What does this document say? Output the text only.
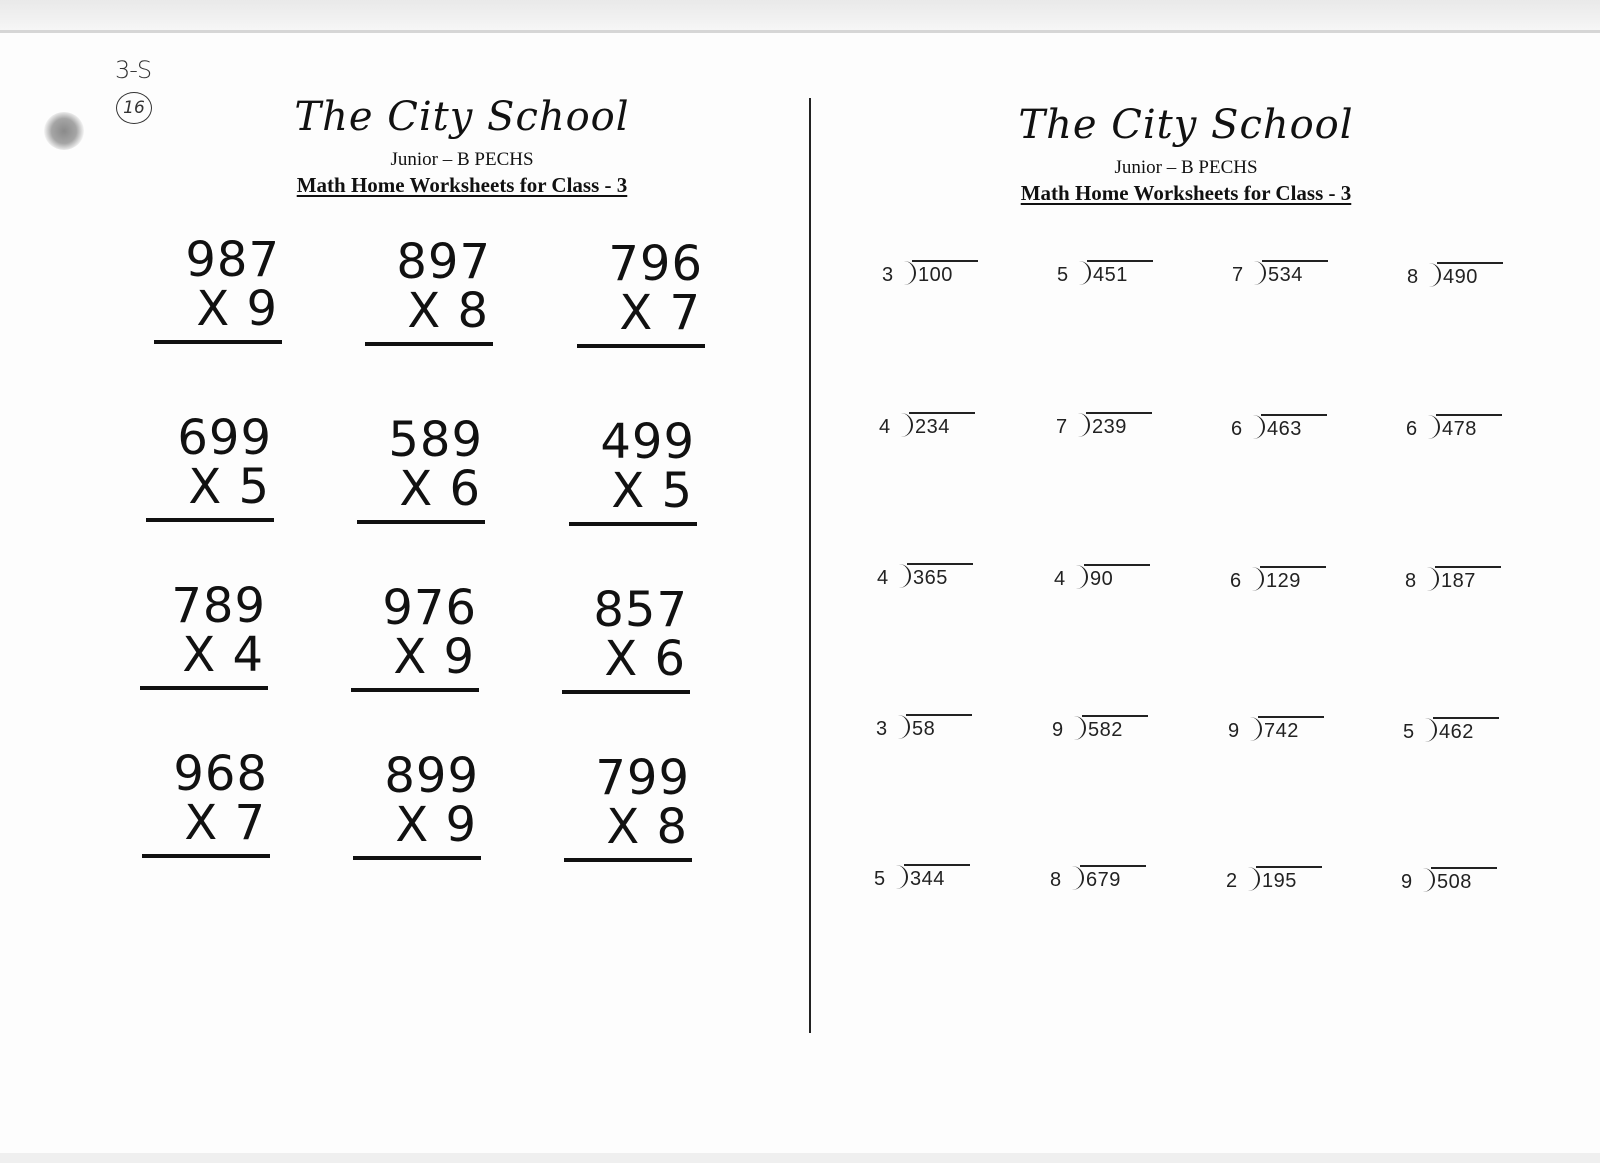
3-S
16	The City School
Junior – B PECHS
Math Home Worksheets for Class - 3
The City School
Junior – B PECHS
Math Home Worksheets for Class - 3
987
X 9
897
X 8
796
X 7
699
X 5
589
X 6
499
X 5
789
X 4
976
X 9
857
X 6
968
X 7
899
X 9
799
X 8
3 100	5 451	7 534	8 490
4 234	7 239	6 463	6 478
4 365	4 90	6 129	8 187
3 58	9 582	9 742	5 462
5 344	8 679	2 195	9 508
